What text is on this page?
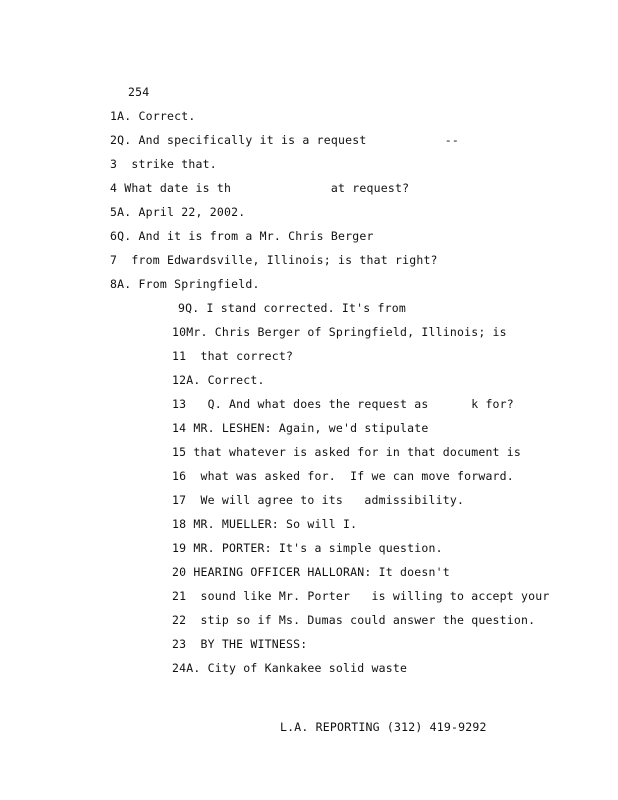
254
1A. Correct.
2Q. And specifically it is a request           --
3  strike that.
4 What date is th              at request?
5A. April 22, 2002.
6Q. And it is from a Mr. Chris Berger
7  from Edwardsville, Illinois; is that right?
8A. From Springfield.
9Q. I stand corrected. It's from
10Mr. Chris Berger of Springfield, Illinois; is
11  that correct?
12A. Correct.
13   Q. And what does the request as      k for?
14 MR. LESHEN: Again, we'd stipulate
15 that whatever is asked for in that document is
16  what was asked for.  If we can move forward.
17  We will agree to its   admissibility.
18 MR. MUELLER: So will I.
19 MR. PORTER: It's a simple question.
20 HEARING OFFICER HALLORAN: It doesn't
21  sound like Mr. Porter   is willing to accept your
22  stip so if Ms. Dumas could answer the question.
23  BY THE WITNESS:
24A. City of Kankakee solid waste
L.A. REPORTING (312) 419-9292
